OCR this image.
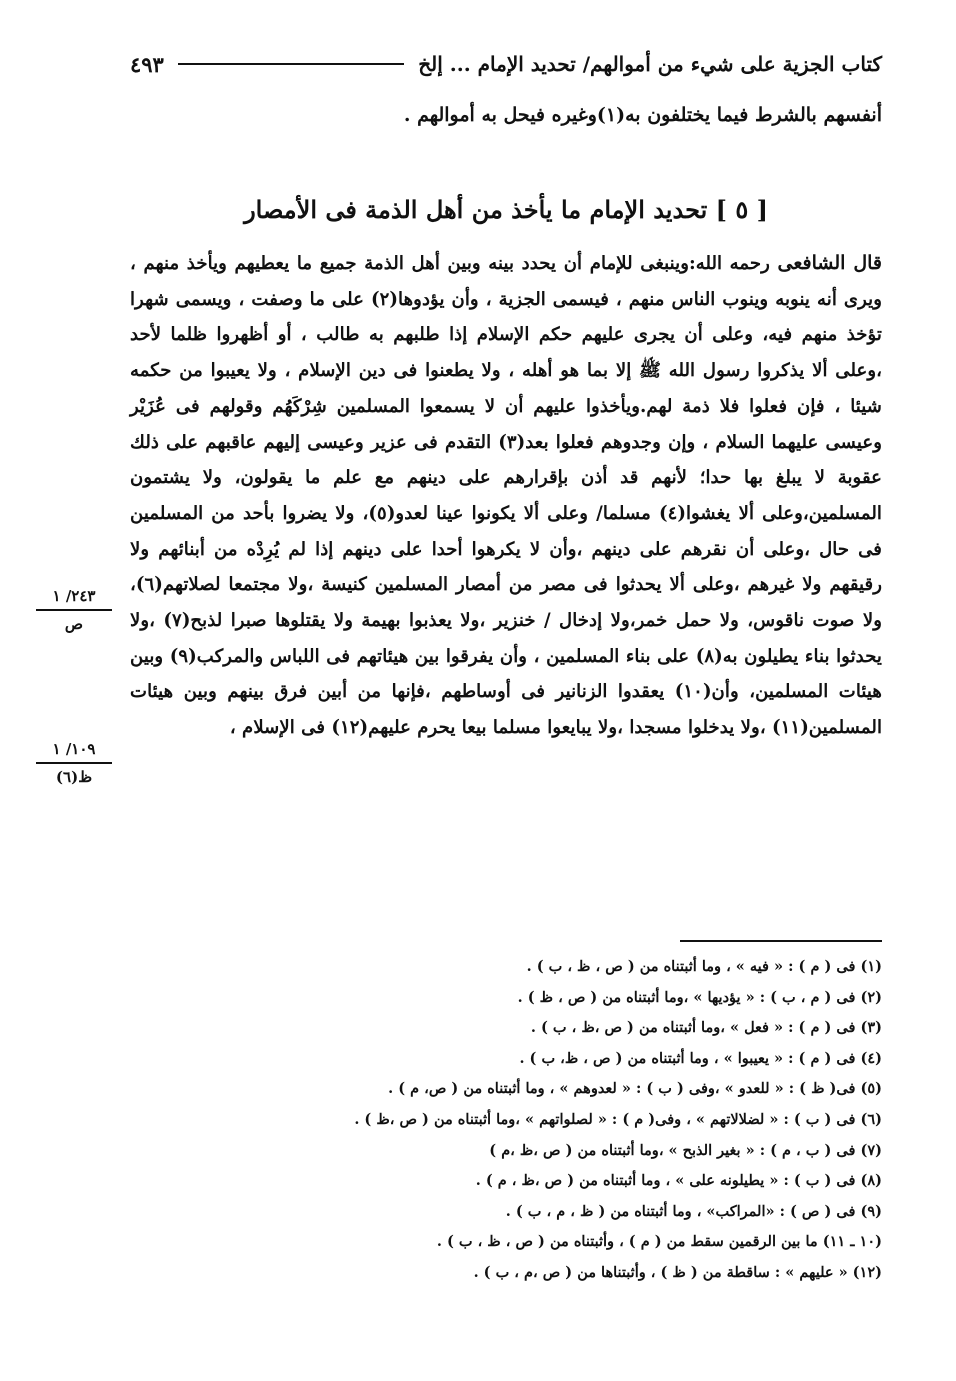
كتاب الجزية على شيء من أموالهم/ تحديد الإمام ... إلخ
٤٩٣
أنفسهم بالشرط فيما يختلفون به(١)وغيره فيحل به أموالهم .
[ ٥ ] تحديد الإمام ما يأخذ من أهل الذمة فى الأمصار

قال الشافعى رحمه الله:وينبغى للإمام أن يحدد بينه وبين أهل الذمة جميع ما يعطيهم ويأخذ منهم ، ويرى أنه ينوبه وينوب الناس منهم ، فيسمى الجزية ، وأن يؤدوها(٢) على ما وصفت ، ويسمى شهرا تؤخذ منهم فيه، وعلى أن يجرى عليهم حكم الإسلام إذا طلبهم به طالب ، أو أظهروا ظلما لأحد ،وعلى ألا يذكروا رسول الله ﷺ إلا بما هو أهله ، ولا يطعنوا فى دين الإسلام ، ولا يعيبوا من حكمه شيئا ، فإن فعلوا فلا ذمة لهم.ويأخذوا عليهم أن لا يسمعوا المسلمين شِرْكَهُم وقولهم فى عُزَيْر وعيسى عليهما السلام ، وإن وجدوهم فعلوا بعد(٣) التقدم فى عزير وعيسى إليهم عاقبهم على ذلك عقوبة لا يبلغ بها حدا؛ لأنهم قد أذن بإقرارهم على دينهم مع علم ما يقولون، ولا يشتمون المسلمين،وعلى ألا يغشوا(٤) مسلما/ وعلى ألا يكونوا عينا لعدو(٥)، ولا يضروا بأحد من المسلمين فى حال ،وعلى أن نقرهم على دينهم ،وأن لا يكرهوا أحدا على دينهم إذا لم يُرِدْه من أبنائهم ولا رقيقهم ولا غيرهم ،وعلى ألا يحدثوا فى مصر من أمصار المسلمين كنيسة ،ولا مجتمعا لصلاتهم(٦)، ولا صوت ناقوس، ولا حمل خمر،ولا إدخال / خنزير ،ولا يعذبوا بهيمة ولا يقتلوها صبرا لذبح(٧) ،ولا يحدثوا بناء يطيلون به(٨) على بناء المسلمين ، وأن يفرقوا بين هيئاتهم فى اللباس والمركب(٩) وبين هيئات المسلمين، وأن(١٠) يعقدوا الزنانير فى أوساطهم ،فإنها من أبين فرق بينهم وبين هيئات المسلمين(١١) ،ولا يدخلوا مسجدا ،ولا يبايعوا مسلما بيعا يحرم عليهم(١٢) فى الإسلام ،

٢٤٣/ ١
ص
١٠٩/ ١
ظ(٦)
(١) فى ( م ) : « فيه » ، وما أثبتناه من ( ص ، ظ ، ب ) .
(٢) فى ( م ، ب ) : « يؤديها » ،وما أثبتناه من ( ص ، ظ ) .
(٣) فى ( م ) : « فعل » ،وما أثبتناه من ( ص ،ظ ، ب ) .
(٤) فى ( م ) : « يعيبوا » ، وما أثبتناه من ( ص ، ظ، ب ) .
(٥) فى( ظ ) : « للعدو » ،وفى ( ب ) : « لعدوهم » ، وما أثبتناه من ( ص، م ) .
(٦) فى ( ب ) : « لضلالاتهم » ، وفى( م ) : « لصلواتهم » ،وما أثبتناه من ( ص ،ظ ) .
(٧) فى ( ب ، م ) : « بغير الذبح » ،وما أثبتناه من ( ص ،ظ ،م )
(٨) فى ( ب ) : « يطيلونه على » ، وما أثبتناه من ( ص ،ظ ، م ) .
(٩) فى ( ص ) : «المراكب» ، وما أثبتناه من ( ظ ، م ، ب ) .
(١٠ ـ ١١) ما بين الرقمين سقط من ( م ) ، وأثبتناه من ( ص ، ظ ، ب ) .
(١٢) « عليهم » : ساقطة من ( ظ ) ، وأثبتناها من ( ص ،م ، ب ) .
